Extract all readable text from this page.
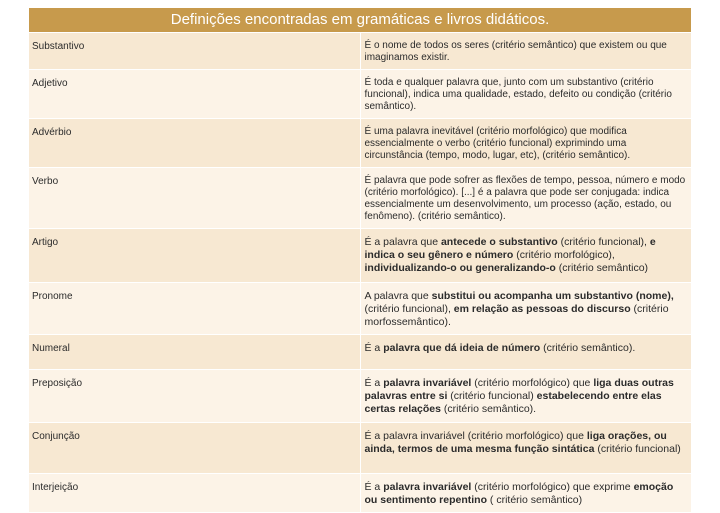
Definições encontradas em gramáticas e livros didáticos.	
Substantivo	É o nome de todos os seres (critério semântico) que existem ou que imaginamos existir.
Adjetivo	É toda e qualquer palavra que, junto com um substantivo (critério funcional), indica uma qualidade, estado, defeito ou condição (critério semântico).
Advérbio	É uma palavra inevitável (critério morfológico) que modifica essencialmente o verbo (critério funcional) exprimindo uma circunstância (tempo, modo, lugar, etc), (critério semântico).
Verbo	É palavra que pode sofrer as flexões de tempo, pessoa, número e modo (critério morfológico). [...] é a palavra que pode ser conjugada: indica essencialmente um desenvolvimento, um processo (ação, estado, ou fenômeno). (critério semântico).
Artigo	É a palavra que antecede o substantivo (critério funcional), e indica o seu gênero e número (critério morfológico), individualizando-o ou generalizando-o (critério semântico)
Pronome	A palavra que substitui ou acompanha um substantivo (nome), (critério funcional), em relação as pessoas do discurso (critério morfossemântico).
Numeral	É a palavra que dá ideia de número (critério semântico).
Preposição	É a palavra invariável (critério morfológico) que liga duas outras palavras entre si (critério funcional) estabelecendo entre elas certas relações (critério semântico).
Conjunção	É a palavra invariável (critério morfológico) que liga orações, ou ainda, termos de uma mesma função sintática (critério funcional)
Interjeição	É a palavra invariável (critério morfológico) que exprime emoção ou sentimento repentino ( critério semântico)
